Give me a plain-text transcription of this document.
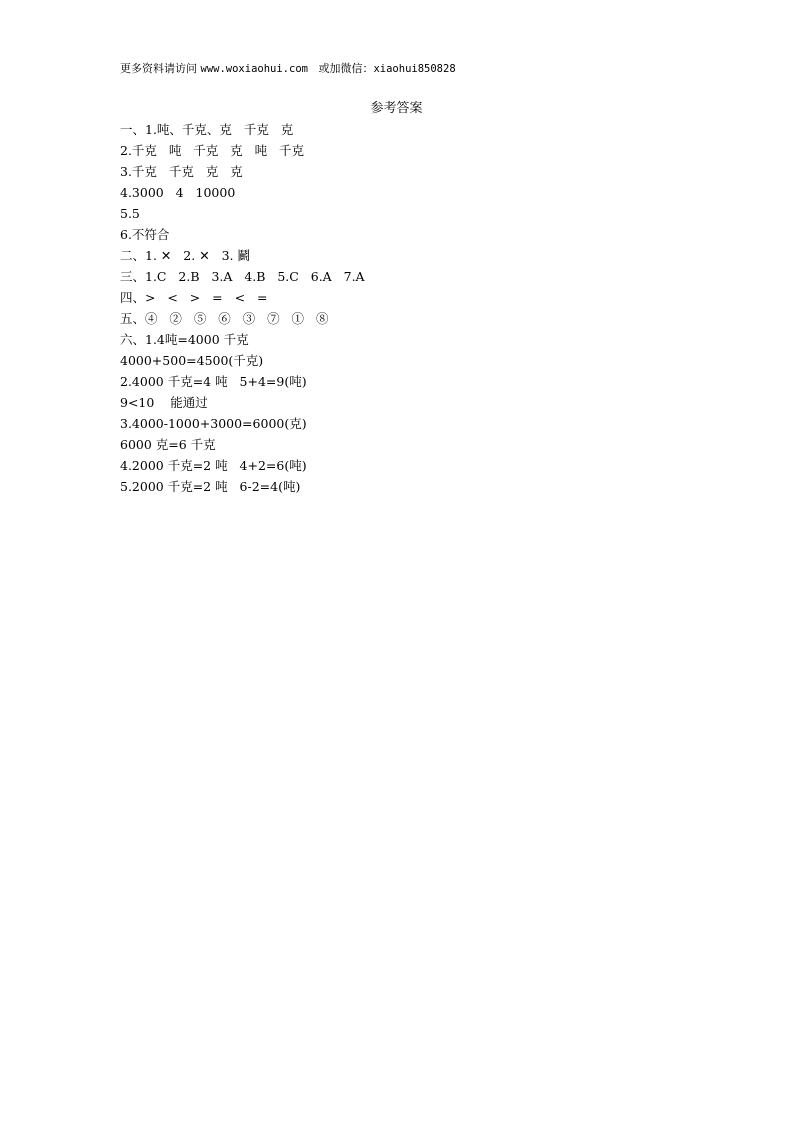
更多资料请访问 www.woxiaohui.com   或加微信：xiaohui850828
参考答案
一、1.吨、千克、克   千克   克
2.千克   吨   千克   克   吨   千克
3.千克   千克   克   克
4.3000   4   10000
5.5
6.不符合
二、1. ✕   2. ✕   3. 鬬
三、1.C   2.B   3.A   4.B   5.C   6.A   7.A
四、>   <   >   =   <   =
五、④   ②   ⑤   ⑥   ③   ⑦   ①   ⑧
六、1.4吨=4000 千克
4000+500=4500(千克)
2.4000 千克=4 吨   5+4=9(吨)
9<10    能通过
3.4000-1000+3000=6000(克)
6000 克=6 千克
4.2000 千克=2 吨   4+2=6(吨)
5.2000 千克=2 吨   6-2=4(吨)
